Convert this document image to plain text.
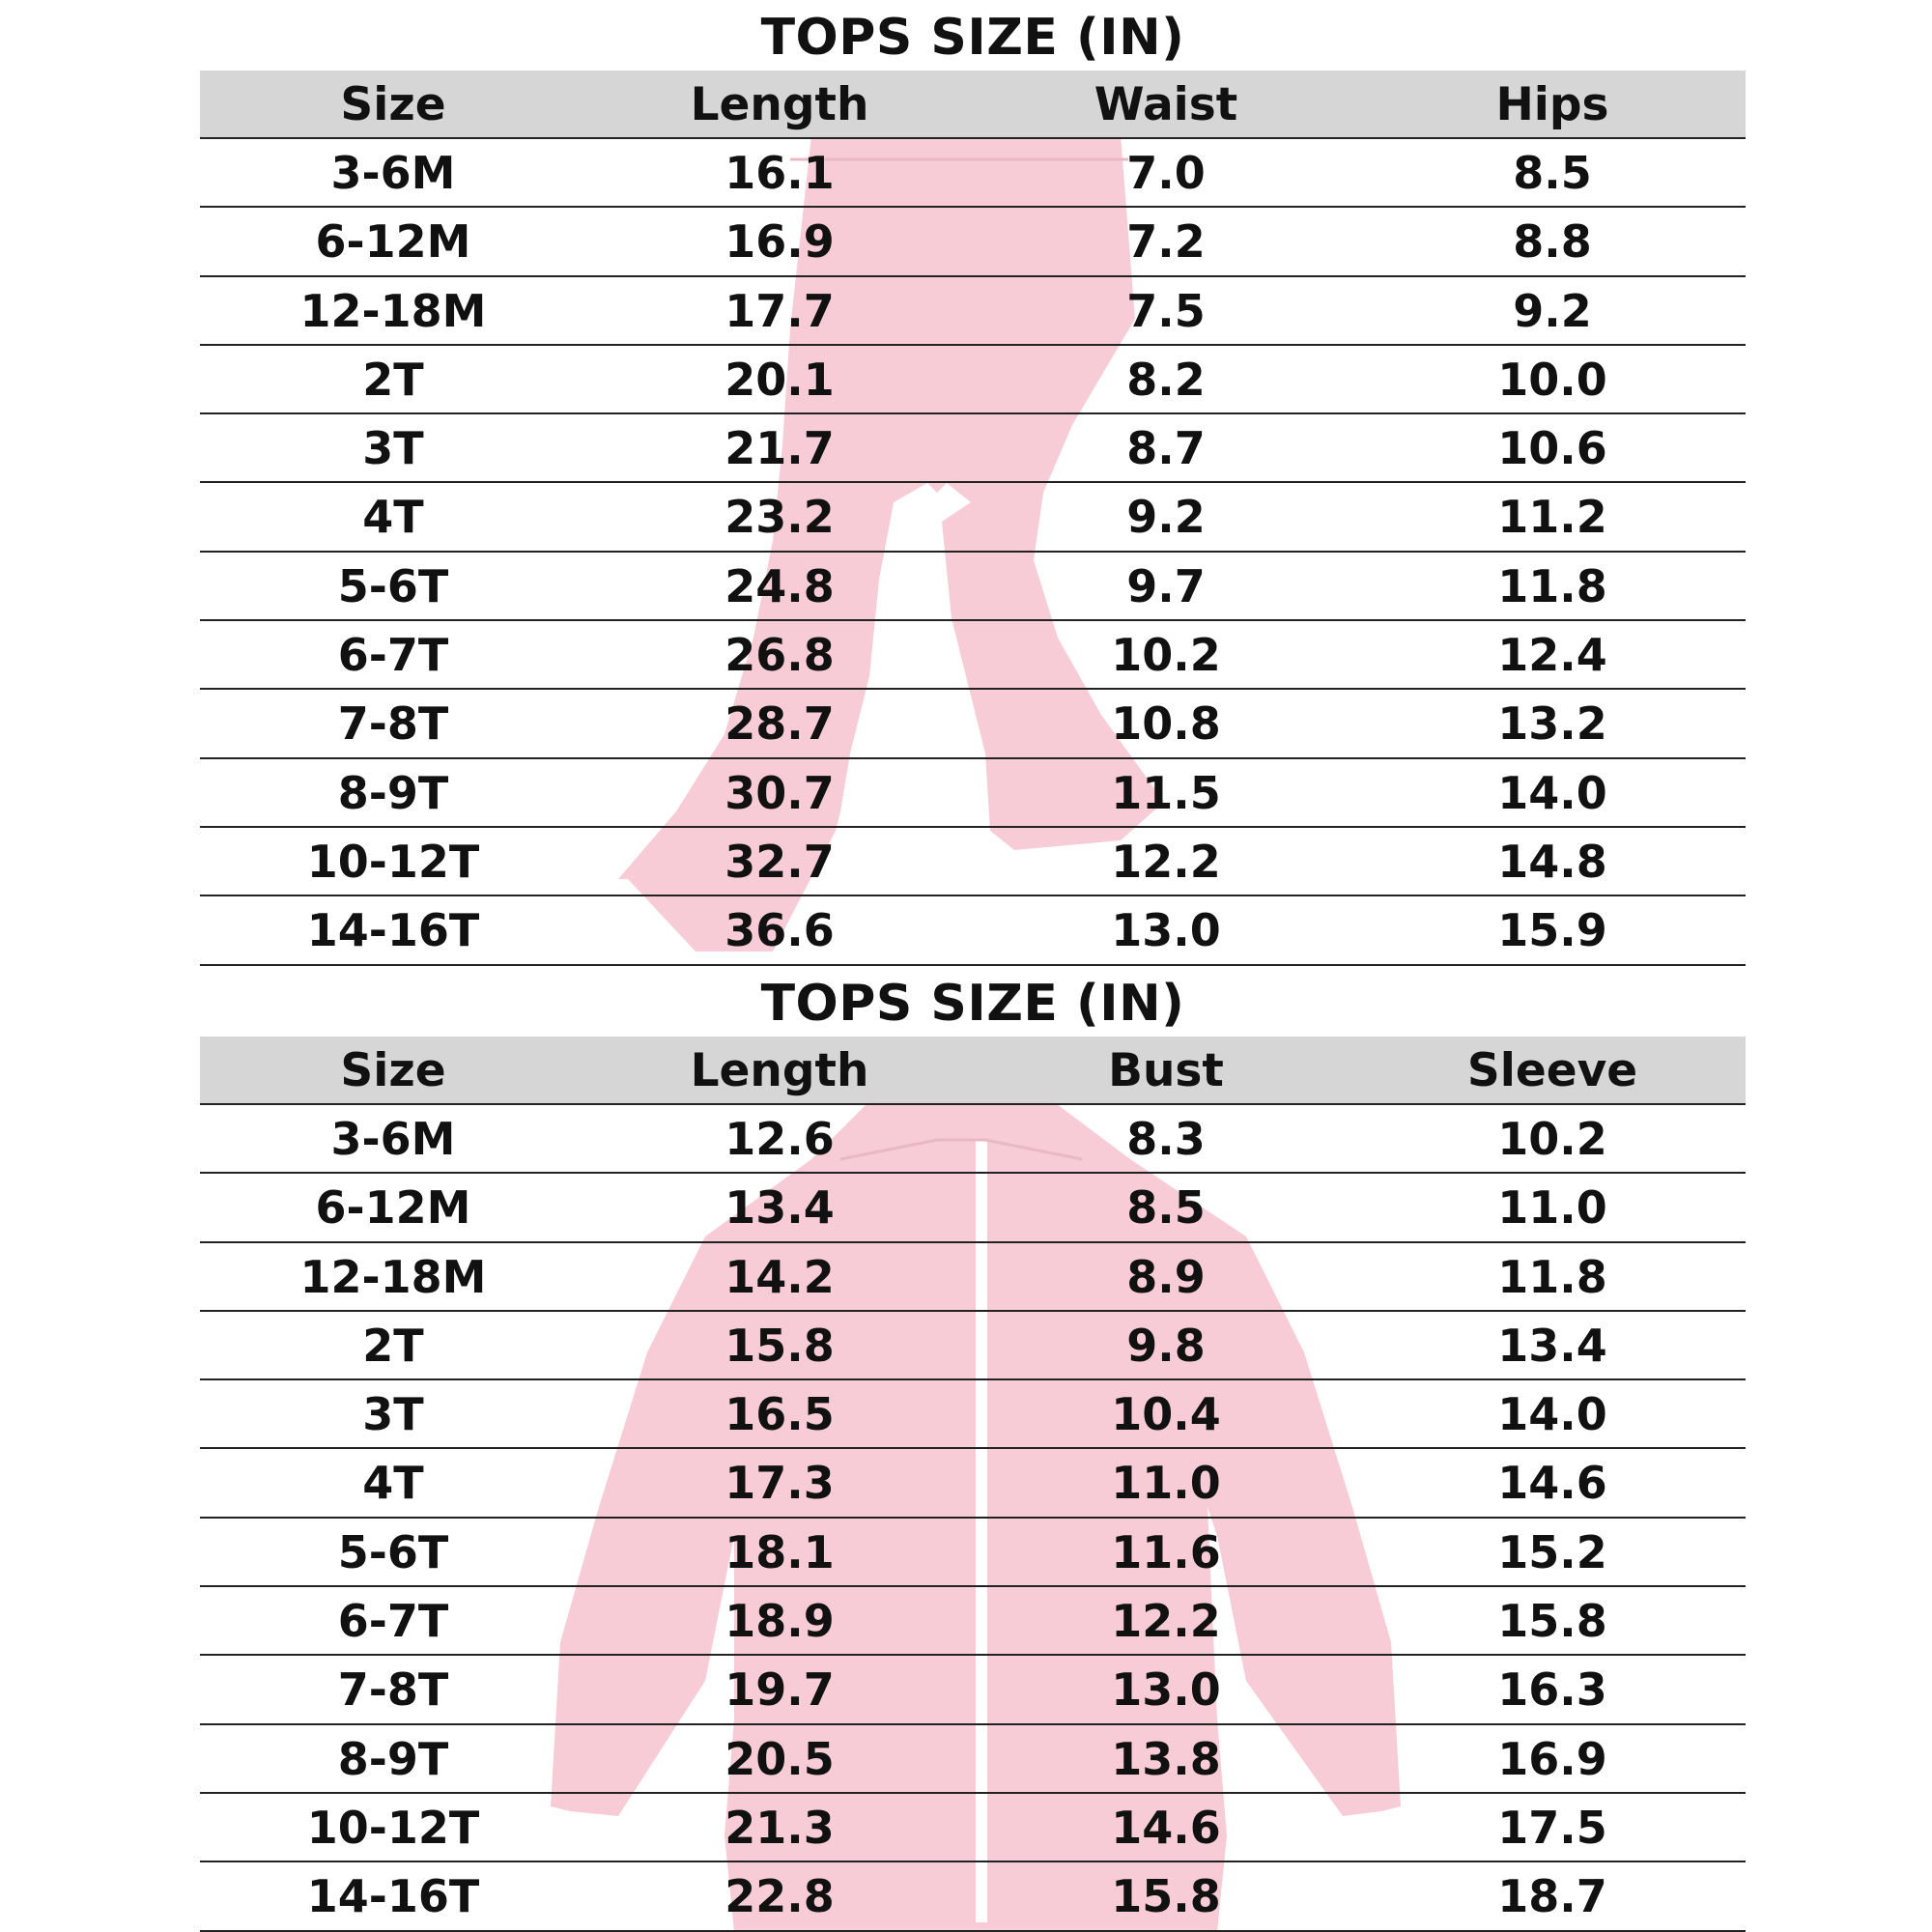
TOPS SIZE (IN)
Size	Length	Waist	Hips
3-6M	16.1	7.0	8.5
6-12M	16.9	7.2	8.8
12-18M	17.7	7.5	9.2
2T	20.1	8.2	10.0
3T	21.7	8.7	10.6
4T	23.2	9.2	11.2
5-6T	24.8	9.7	11.8
6-7T	26.8	10.2	12.4
7-8T	28.7	10.8	13.2
8-9T	30.7	11.5	14.0
10-12T	32.7	12.2	14.8
14-16T	36.6	13.0	15.9
TOPS SIZE (IN)
Size	Length	Bust	Sleeve
3-6M	12.6	8.3	10.2
6-12M	13.4	8.5	11.0
12-18M	14.2	8.9	11.8
2T	15.8	9.8	13.4
3T	16.5	10.4	14.0
4T	17.3	11.0	14.6
5-6T	18.1	11.6	15.2
6-7T	18.9	12.2	15.8
7-8T	19.7	13.0	16.3
8-9T	20.5	13.8	16.9
10-12T	21.3	14.6	17.5
14-16T	22.8	15.8	18.7
